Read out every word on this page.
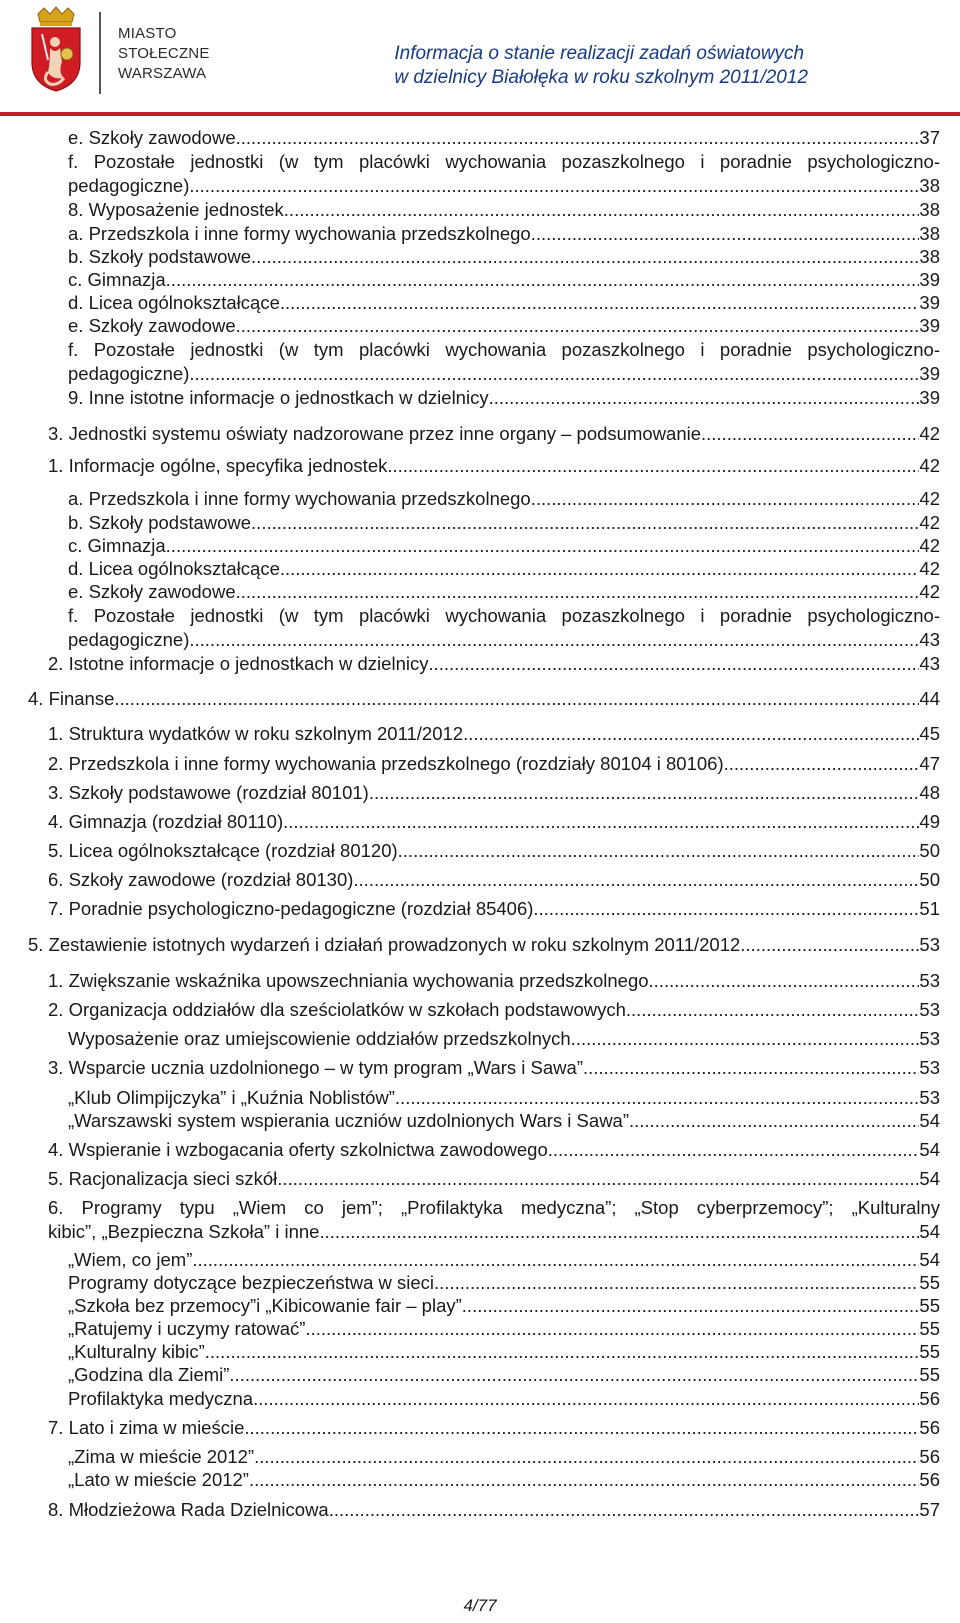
MIASTO
STOŁECZNE
WARSZAWA
Informacja o stanie realizacji zadań oświatowych
w dzielnicy Białołęka w roku szkolnym 2011/2012
e. Szkoły zawodowe .....	37
f. Pozostałe jednostki (w tym placówki wychowania pozaszkolnego i poradnie psychologiczno-
pedagogiczne) .....	38
8. Wyposażenie jednostek .....	38
a. Przedszkola i inne formy wychowania przedszkolnego .....	38
b. Szkoły podstawowe .....	38
c. Gimnazja .....	39
d. Licea ogólnokształcące .....	39
e. Szkoły zawodowe .....	39
f. Pozostałe jednostki (w tym placówki wychowania pozaszkolnego i poradnie psychologiczno-
pedagogiczne) .....	39
9. Inne istotne informacje o jednostkach w dzielnicy .....	39
3. Jednostki systemu oświaty nadzorowane przez inne organy – podsumowanie .....	42
1. Informacje ogólne, specyfika jednostek .....	42
a. Przedszkola i inne formy wychowania przedszkolnego .....	42
b. Szkoły podstawowe .....	42
c. Gimnazja .....	42
d. Licea ogólnokształcące .....	42
e. Szkoły zawodowe .....	42
f. Pozostałe jednostki (w tym placówki wychowania pozaszkolnego i poradnie psychologiczno-
pedagogiczne) .....	43
2. Istotne informacje o jednostkach w dzielnicy .....	43
4. Finanse .....	44
1. Struktura wydatków w roku szkolnym 2011/2012 .....	45
2. Przedszkola i inne formy wychowania przedszkolnego (rozdziały 80104 i 80106) .....	47
3. Szkoły podstawowe (rozdział 80101) .....	48
4. Gimnazja (rozdział 80110) .....	49
5. Licea ogólnokształcące (rozdział 80120) .....	50
6. Szkoły zawodowe (rozdział 80130) .....	50
7. Poradnie psychologiczno-pedagogiczne (rozdział 85406) .....	51
5. Zestawienie istotnych wydarzeń i działań prowadzonych w roku szkolnym 2011/2012 .....	53
1. Zwiększanie wskaźnika upowszechniania wychowania przedszkolnego .....	53
2. Organizacja oddziałów dla sześciolatków w szkołach podstawowych .....	53
Wyposażenie oraz umiejscowienie oddziałów przedszkolnych .....	53
3. Wsparcie ucznia uzdolnionego – w tym program „Wars i Sawa” .....	53
„Klub Olimpijczyka” i „Kuźnia Noblistów” .....	53
„Warszawski system wspierania uczniów uzdolnionych Wars i Sawa” .....	54
4. Wspieranie i wzbogacania oferty szkolnictwa zawodowego .....	54
5. Racjonalizacja sieci szkół .....	54
6. Programy typu „Wiem co jem”; „Profilaktyka medyczna”; „Stop cyberprzemocy”; „Kulturalny
kibic”, „Bezpieczna Szkoła” i inne .....	54
„Wiem, co jem” .....	54
Programy dotyczące bezpieczeństwa w sieci .....	55
„Szkoła bez przemocy”i „Kibicowanie fair – play” .....	55
„Ratujemy i uczymy ratować” .....	55
„Kulturalny kibic” .....	55
„Godzina dla Ziemi” .....	55
Profilaktyka medyczna .....	56
7. Lato i zima w mieście .....	56
„Zima w mieście 2012” .....	56
„Lato w mieście 2012” .....	56
8. Młodzieżowa Rada Dzielnicowa .....	57
4/77
